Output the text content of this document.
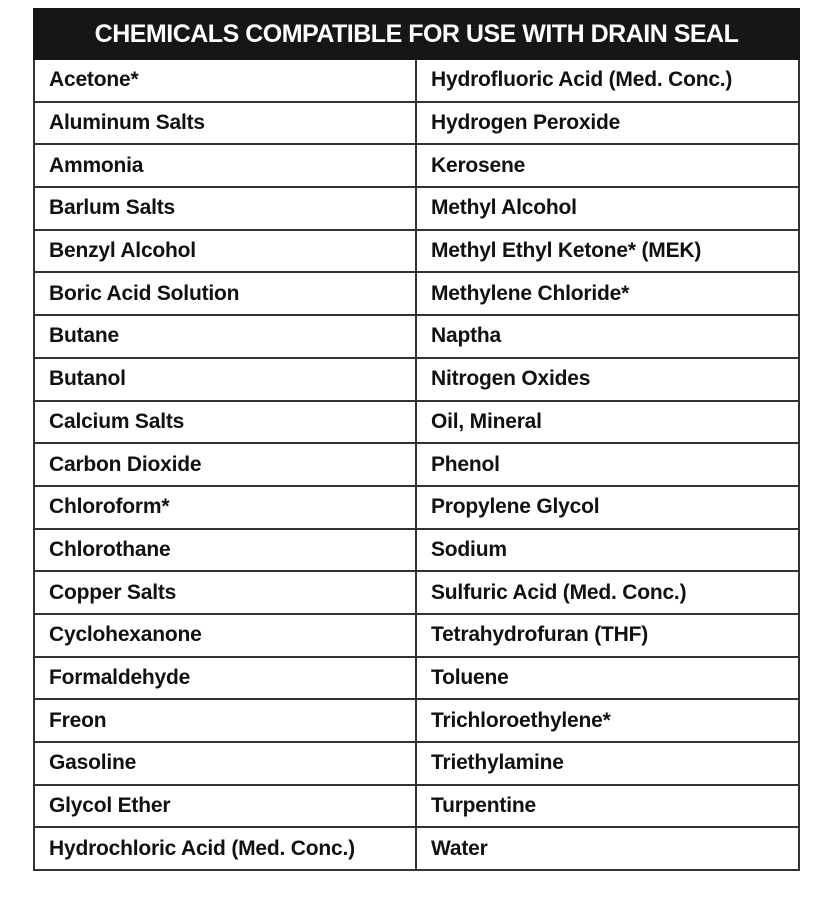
CHEMICALS COMPATIBLE FOR USE WITH DRAIN SEAL	
Acetone*	Hydrofluoric Acid (Med. Conc.)
Aluminum Salts	Hydrogen Peroxide
Ammonia	Kerosene
Barlum Salts	Methyl Alcohol
Benzyl Alcohol	Methyl Ethyl Ketone* (MEK)
Boric Acid Solution	Methylene Chloride*
Butane	Naptha
Butanol	Nitrogen Oxides
Calcium Salts	Oil, Mineral
Carbon Dioxide	Phenol
Chloroform*	Propylene Glycol
Chlorothane	Sodium
Copper Salts	Sulfuric Acid (Med. Conc.)
Cyclohexanone	Tetrahydrofuran (THF)
Formaldehyde	Toluene
Freon	Trichloroethylene*
Gasoline	Triethylamine
Glycol Ether	Turpentine
Hydrochloric Acid (Med. Conc.)	Water
